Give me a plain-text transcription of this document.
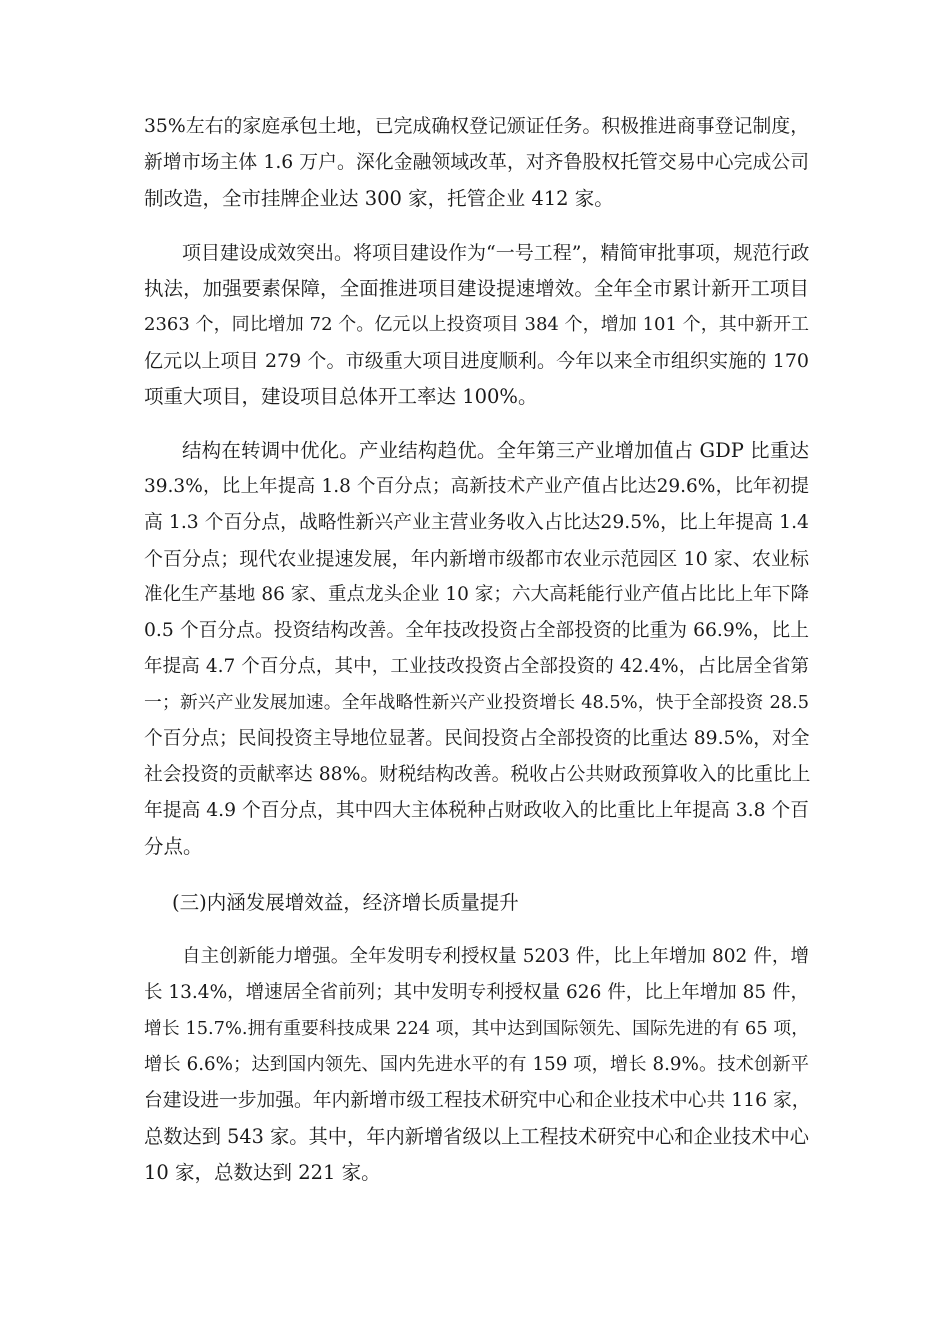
35%左右的家庭承包土地，已完成确权登记颁证任务。积极推进商事登记制度，
新增市场主体 1.6 万户。深化金融领域改革，对齐鲁股权托管交易中心完成公司
制改造，全市挂牌企业达 300 家，托管企业 412 家。
项目建设成效突出。将项目建设作为“一号工程”，精简审批事项，规范行政
执法，加强要素保障，全面推进项目建设提速增效。全年全市累计新开工项目
2363 个，同比增加 72 个。亿元以上投资项目 384 个，增加 101 个，其中新开工
亿元以上项目 279 个。市级重大项目进度顺利。今年以来全市组织实施的 170
项重大项目，建设项目总体开工率达 100%。
结构在转调中优化。产业结构趋优。全年第三产业增加值占 GDP 比重达
39.3%，比上年提高 1.8 个百分点；高新技术产业产值占比达29.6%，比年初提
高 1.3 个百分点，战略性新兴产业主营业务收入占比达29.5%，比上年提高 1.4
个百分点；现代农业提速发展，年内新增市级都市农业示范园区 10 家、农业标
准化生产基地 86 家、重点龙头企业 10 家；六大高耗能行业产值占比比上年下降
0.5 个百分点。投资结构改善。全年技改投资占全部投资的比重为 66.9%，比上
年提高 4.7 个百分点，其中，工业技改投资占全部投资的 42.4%，占比居全省第
一；新兴产业发展加速。全年战略性新兴产业投资增长 48.5%，快于全部投资 28.5
个百分点；民间投资主导地位显著。民间投资占全部投资的比重达 89.5%，对全
社会投资的贡献率达 88%。财税结构改善。税收占公共财政预算收入的比重比上
年提高 4.9 个百分点，其中四大主体税种占财政收入的比重比上年提高 3.8 个百
分点。
(三)内涵发展增效益，经济增长质量提升
自主创新能力增强。全年发明专利授权量 5203 件，比上年增加 802 件，增
长 13.4%，增速居全省前列；其中发明专利授权量 626 件，比上年增加 85 件，
增长 15.7%.拥有重要科技成果 224 项，其中达到国际领先、国际先进的有 65 项，
增长 6.6%；达到国内领先、国内先进水平的有 159 项，增长 8.9%。技术创新平
台建设进一步加强。年内新增市级工程技术研究中心和企业技术中心共 116 家，
总数达到 543 家。其中，年内新增省级以上工程技术研究中心和企业技术中心
10 家，总数达到 221 家。
